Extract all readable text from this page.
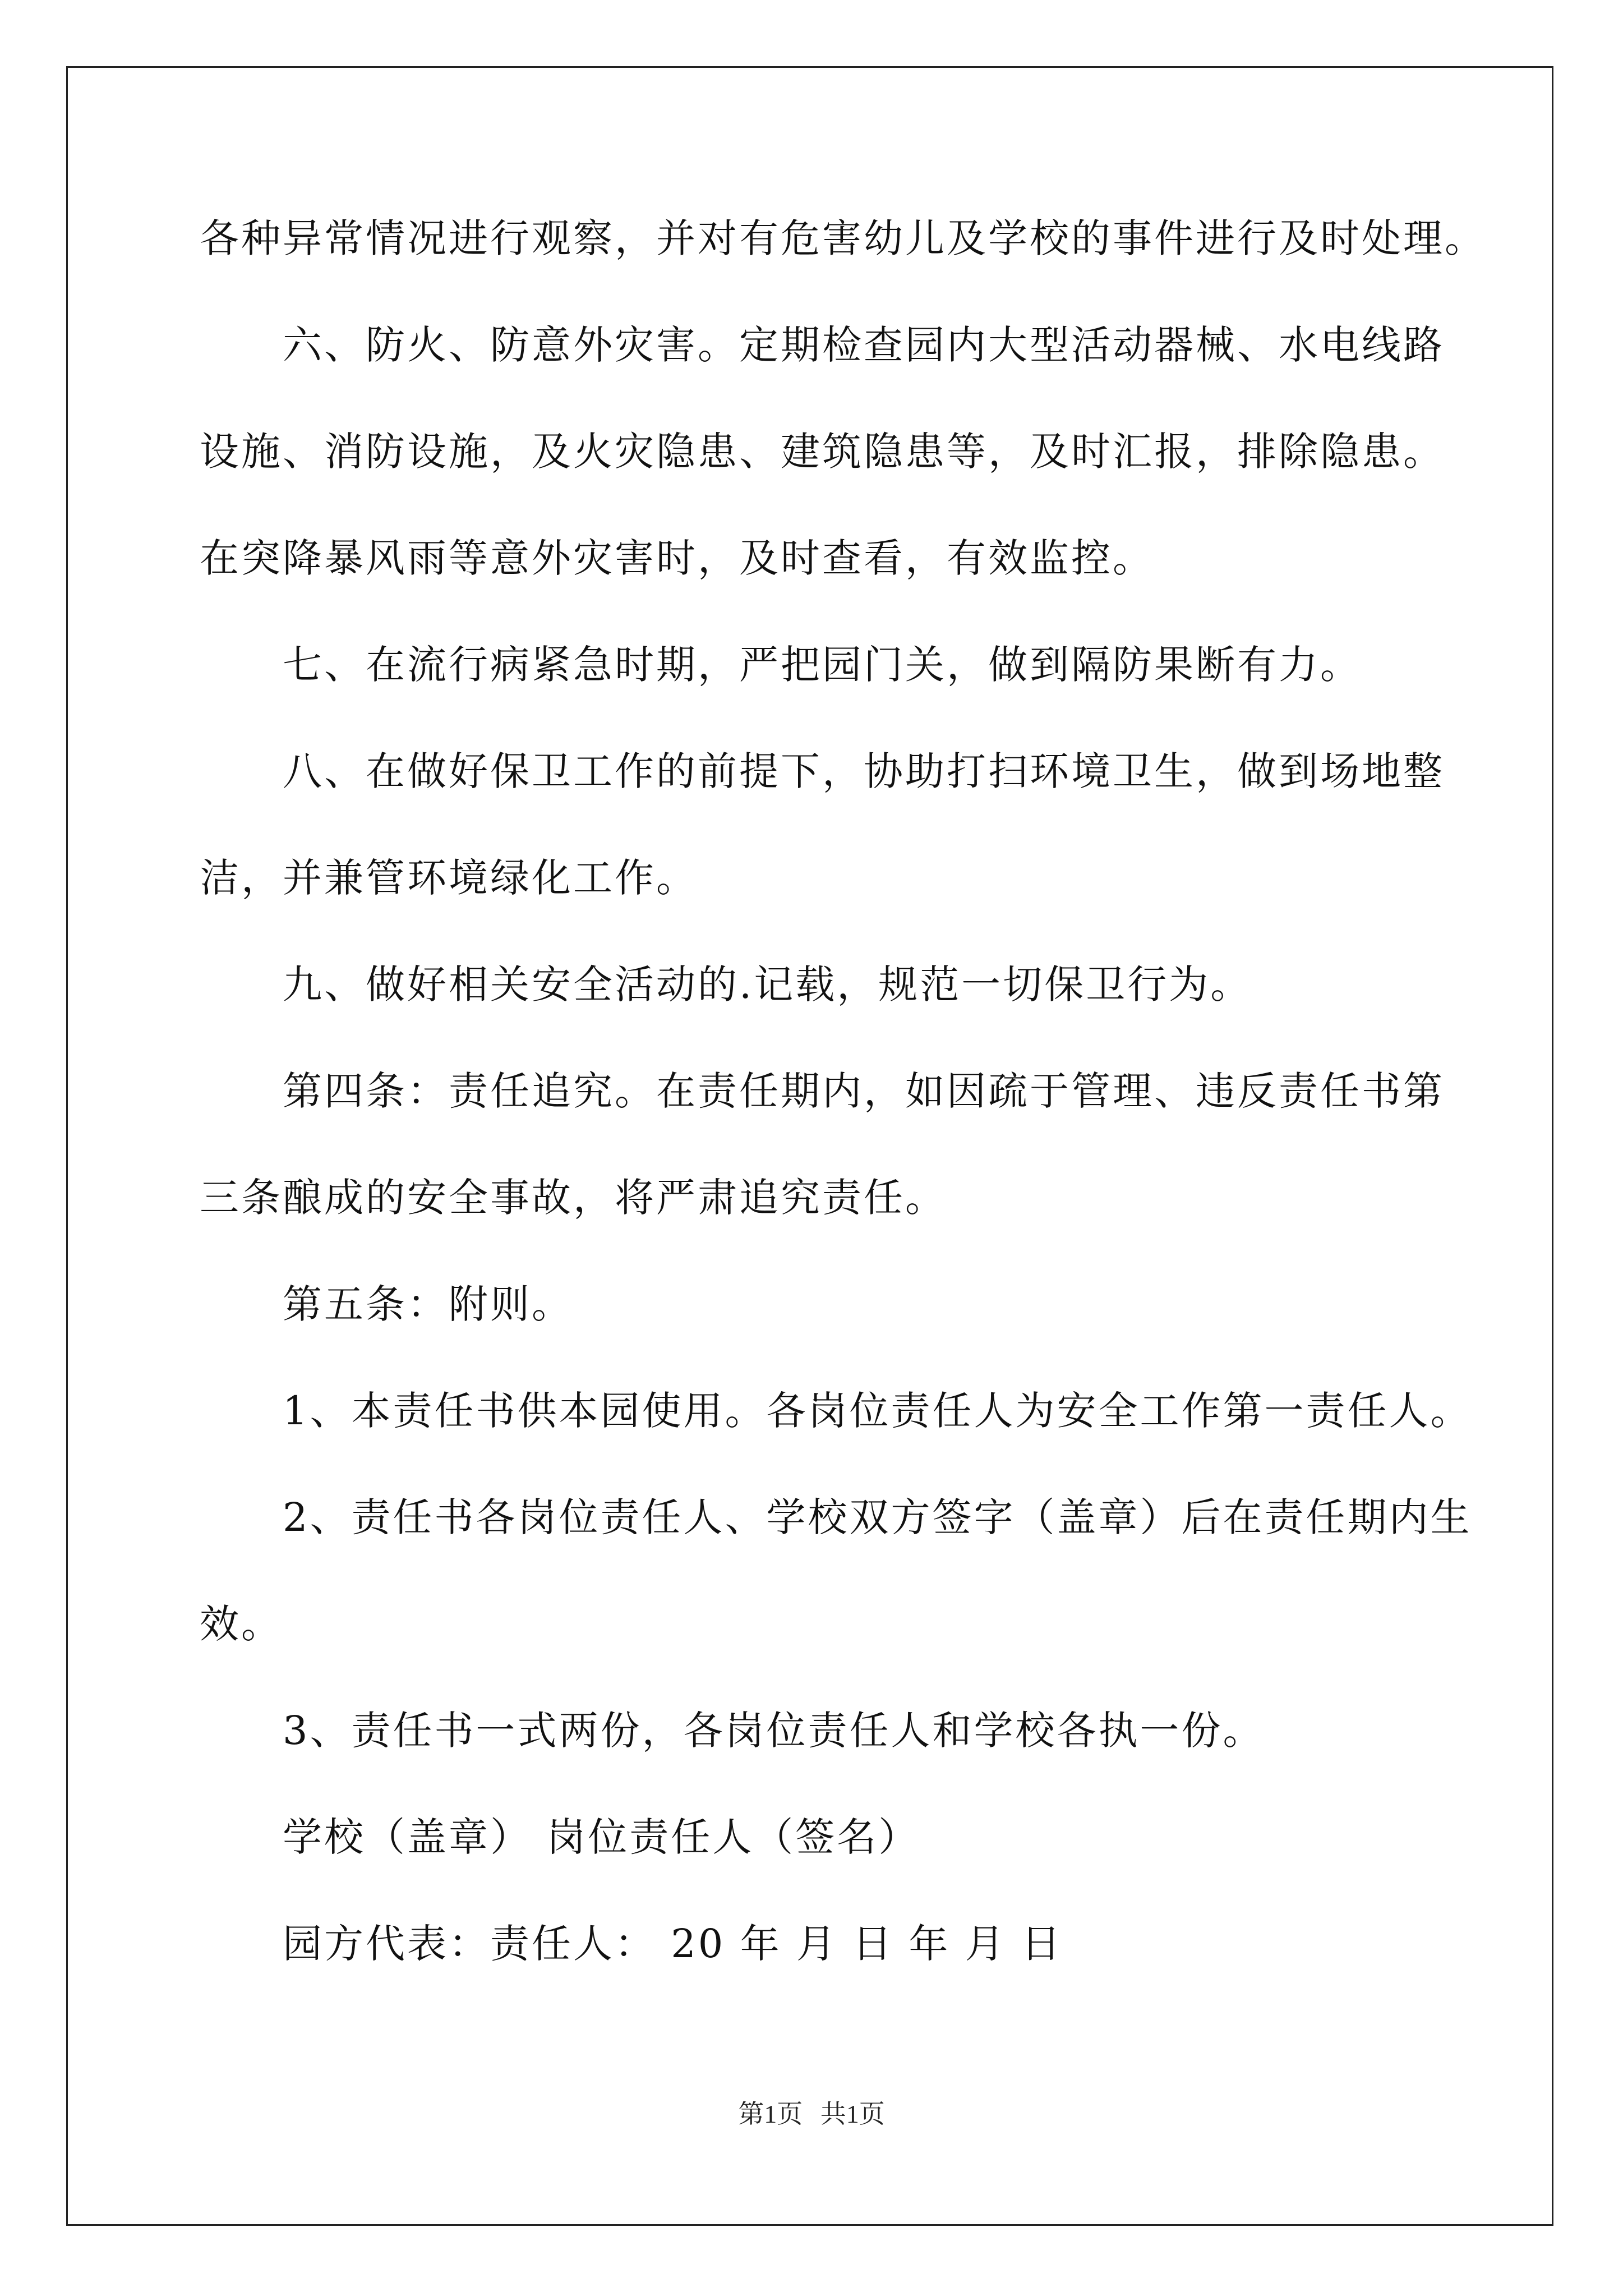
各种异常情况进行观察，并对有危害幼儿及学校的事件进行及时处理。
六、防火、防意外灾害。定期检查园内大型活动器械、水电线路
设施、消防设施，及火灾隐患、建筑隐患等，及时汇报，排除隐患。
在突降暴风雨等意外灾害时，及时查看，有效监控。
七、在流行病紧急时期，严把园门关，做到隔防果断有力。
八、在做好保卫工作的前提下，协助打扫环境卫生，做到场地整
洁，并兼管环境绿化工作。
九、做好相关安全活动的.记载，规范一切保卫行为。
第四条：责任追究。在责任期内，如因疏于管理、违反责任书第
三条酿成的安全事故，将严肃追究责任。
第五条：附则。
1、本责任书供本园使用。各岗位责任人为安全工作第一责任人。
2、责任书各岗位责任人、学校双方签字（盖章）后在责任期内生
效。
3、责任书一式两份，各岗位责任人和学校各执一份。
学校（盖章） 岗位责任人（签名）
园方代表：责任人： 20 年 月 日 年 月 日
第1页 共1页
